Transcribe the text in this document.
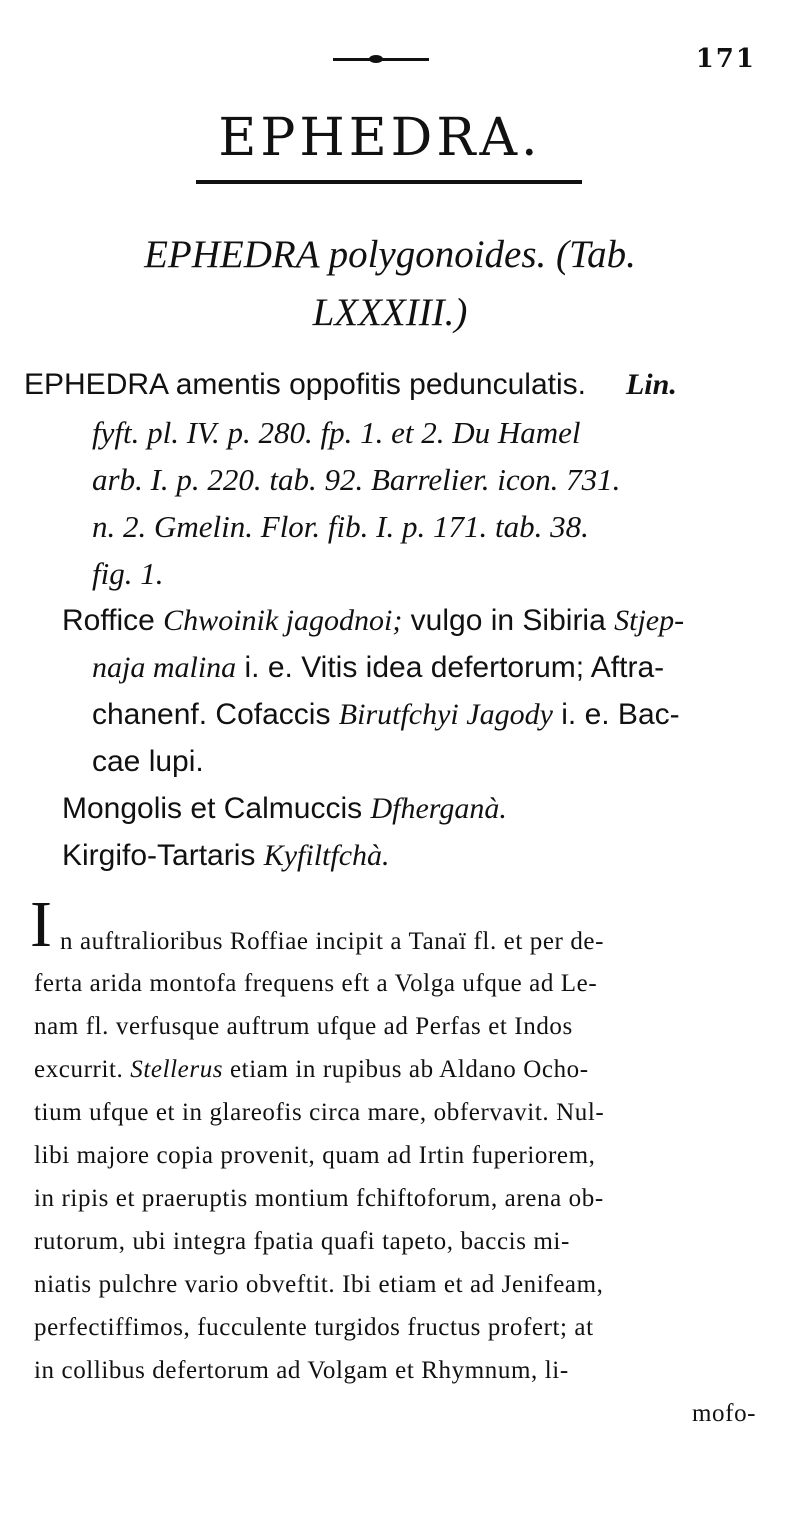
171
EPHEDRA.
EPHEDRA polygonoides. (Tab.
LXXXIII.)
EPHEDRA amentis oppofitis pedunculatis. Lin.
fyft. pl. IV. p. 280. fp. 1. et 2. Du Hamel
arb. I. p. 220. tab. 92. Barrelier. icon. 731.
n. 2. Gmelin. Flor. fib. I. p. 171. tab. 38.
fig. 1.
Roffice Chwoinik jagodnoi; vulgo in Sibiria Stjep-
naja malina i. e. Vitis idea defertorum; Aftra-
chanenf. Cofaccis Birutfchyi Jagody i. e. Bac-
cae lupi.
Mongolis et Calmuccis Dfherganà.
Kirgifo-Tartaris Kyfiltfchà.
I n auftralioribus Roffiae incipit a Tanaï fl. et per de-
ferta arida montofa frequens eft a Volga ufque ad Le-
nam fl. verfusque auftrum ufque ad Perfas et Indos
excurrit. Stellerus etiam in rupibus ab Aldano Ocho-
tium ufque et in glareofis circa mare, obfervavit. Nul-
libi majore copia provenit, quam ad Irtin fuperiorem,
in ripis et praeruptis montium fchiftoforum, arena ob-
rutorum, ubi integra fpatia quafi tapeto, baccis mi-
niatis pulchre vario obveftit. Ibi etiam et ad Jenifeam,
perfectiffimos, fucculente turgidos fructus profert; at
in collibus defertorum ad Volgam et Rhymnum, li-
mofo-
